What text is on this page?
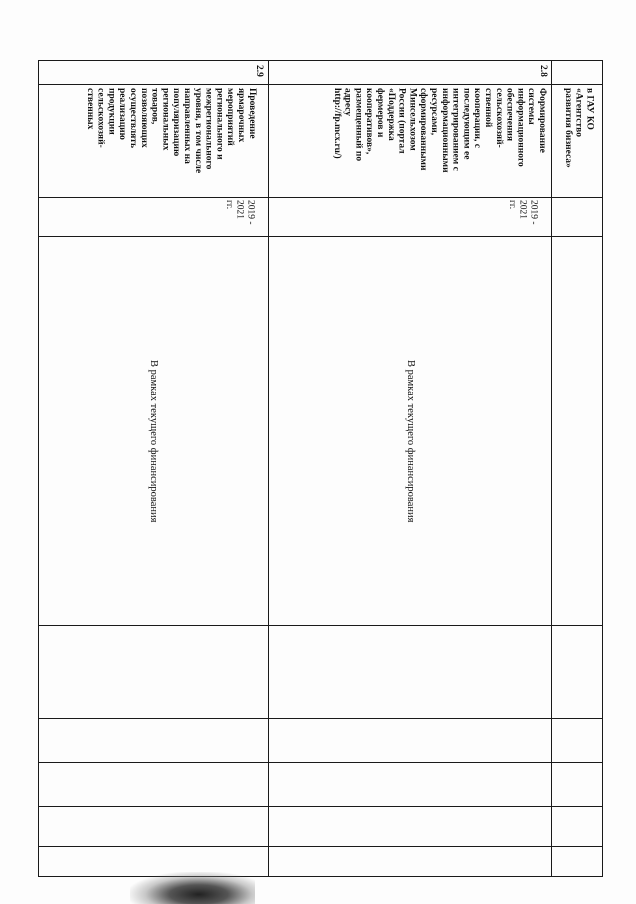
в ГАУ КО
«Агентство
развития бизнеса»
2.8
Формирование
системы
информационного
обеспечения
сельскохозяй-
ственной
кооперации, с
последующим ее
интегрированием с
информационными
ресурсами,
сформированными
Минсельхозом
России (портал
«Поддержка
фермеров и
кооперативов»,
размещенный по
адресу
http://fp.mcx.ru/)
2019 -
2021
гг.
В рамках текущего финансирования
2.9
Проведение
ярмарочных
мероприятий
регионального и
межрегионального
уровня, в том числе
направленных на
популяризацию
региональных
товаров,
позволяющих
осуществлять
реализацию
продукции
сельскохозяй-
ственных
2019 -
2021
гг.
В рамках текущего финансирования
